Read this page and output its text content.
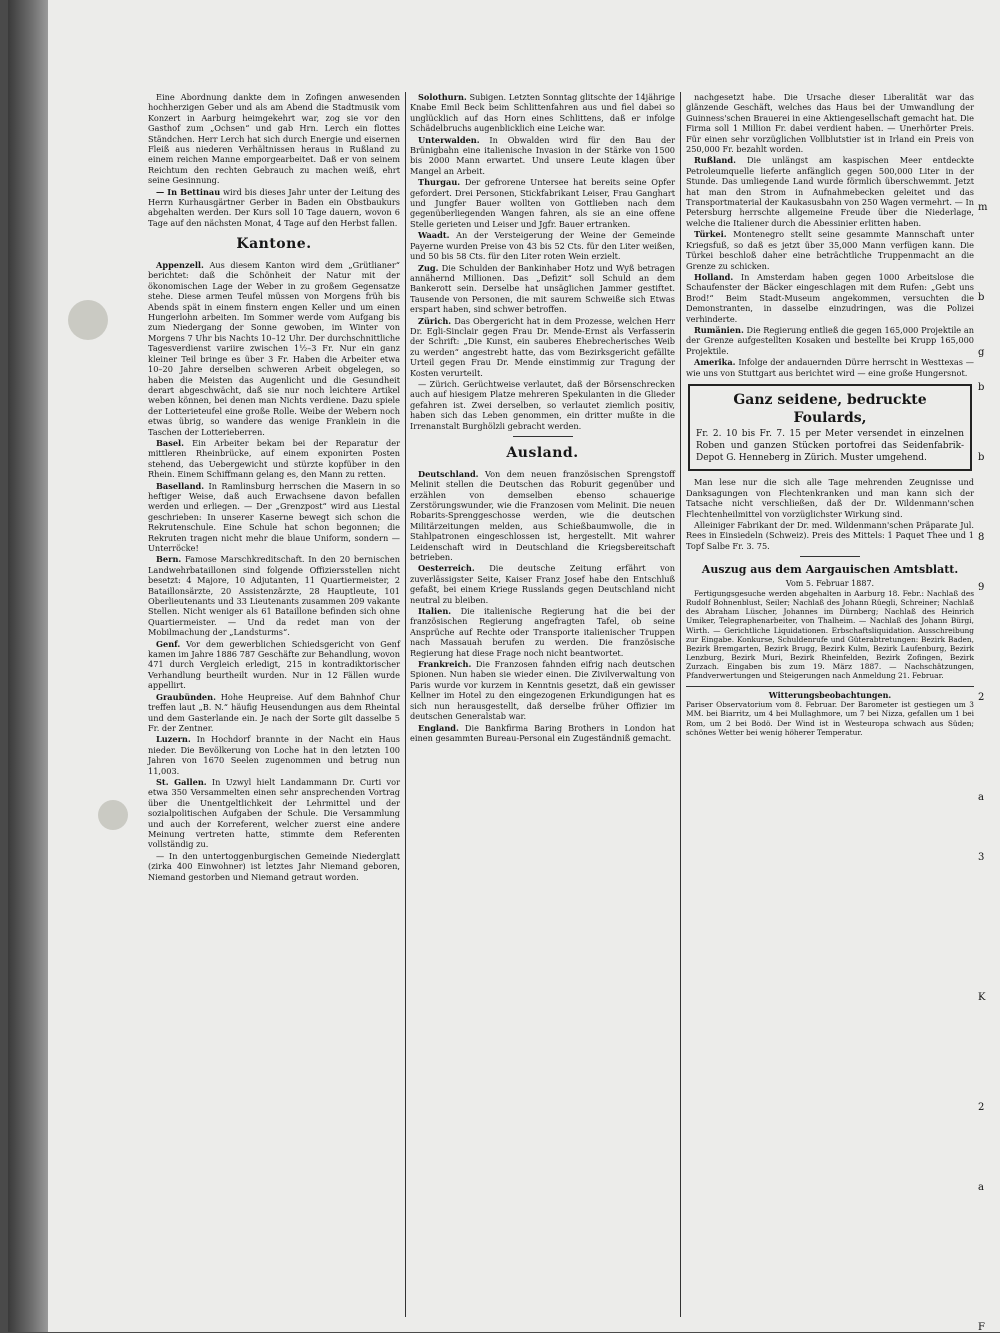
Eine Abordnung dankte dem in Zofingen anwesenden hochherzigen Geber und als am Abend die Stadtmusik vom Konzert in Aarburg heimgekehrt war, zog sie vor den Gasthof zum „Ochsen“ und gab Hrn. Lerch ein flottes Ständchen. Herr Lerch hat sich durch Energie und eisernen Fleiß aus niederen Verhältnissen heraus in Rußland zu einem reichen Manne emporgearbeitet. Daß er von seinem Reichtum den rechten Gebrauch zu machen weiß, ehrt seine Gesinnung.

— In Bettinau wird bis dieses Jahr unter der Leitung des Herrn Kurhausgärtner Gerber in Baden ein Obstbaukurs abgehalten werden. Der Kurs soll 10 Tage dauern, wovon 6 Tage auf den nächsten Monat, 4 Tage auf den Herbst fallen.

Kantone.

Appenzell. Aus diesem Kanton wird dem „Grütlianer“ berichtet: daß die Schönheit der Natur mit der ökonomischen Lage der Weber in zu großem Gegensatze stehe. Diese armen Teufel müssen von Morgens früh bis Abends spät in einem finstern engen Keller und um einen Hungerlohn arbeiten. Im Sommer werde vom Aufgang bis zum Niedergang der Sonne gewoben, im Winter von Morgens 7 Uhr bis Nachts 10–12 Uhr. Der durchschnittliche Tagesverdienst variire zwischen 1½–3 Fr. Nur ein ganz kleiner Teil bringe es über 3 Fr. Haben die Arbeiter etwa 10–20 Jahre derselben schweren Arbeit obgelegen, so haben die Meisten das Augenlicht und die Gesundheit derart abgeschwächt, daß sie nur noch leichtere Artikel weben können, bei denen man Nichts verdiene. Dazu spiele der Lotterieteufel eine große Rolle. Weibe der Webern noch etwas übrig, so wandere das wenige Franklein in die Taschen der Lotterieberren.

Basel. Ein Arbeiter bekam bei der Reparatur der mittleren Rheinbrücke, auf einem exponirten Posten stehend, das Uebergewicht und stürzte kopfüber in den Rhein. Einem Schiffmann gelang es, den Mann zu retten.

Baselland. In Ramlinsburg herrschen die Masern in so heftiger Weise, daß auch Erwachsene davon befallen werden und erliegen. — Der „Grenzpost“ wird aus Liestal geschrieben: In unserer Kaserne bewegt sich schon die Rekrutenschule. Eine Schule hat schon begonnen; die Rekruten tragen nicht mehr die blaue Uniform, sondern — Unterröcke!

Bern. Famose Marschkreditschaft. In den 20 bernischen Landwehrbataillonen sind folgende Offiziersstellen nicht besetzt: 4 Majore, 10 Adjutanten, 11 Quartiermeister, 2 Bataillonsärzte, 20 Assistenzärzte, 28 Hauptleute, 101 Oberlieutenants und 33 Lieutenants zusammen 209 vakante Stellen. Nicht weniger als 61 Bataillone befinden sich ohne Quartiermeister. — Und da redet man von der Mobilmachung der „Landsturms“.

Genf. Vor dem gewerblichen Schiedsgericht von Genf kamen im Jahre 1886 787 Geschäfte zur Behandlung, wovon 471 durch Vergleich erledigt, 215 in kontradiktorischer Verhandlung beurtheilt wurden. Nur in 12 Fällen wurde appellirt.

Graubünden. Hohe Heupreise. Auf dem Bahnhof Chur treffen laut „B. N.“ häufig Heusendungen aus dem Rheintal und dem Gasterlande ein. Je nach der Sorte gilt dasselbe 5 Fr. der Zentner.

Luzern. In Hochdorf brannte in der Nacht ein Haus nieder. Die Bevölkerung von Loche hat in den letzten 100 Jahren von 1670 Seelen zugenommen und betrug nun 11,003.

St. Gallen. In Uzwyl hielt Landammann Dr. Curti vor etwa 350 Versammelten einen sehr ansprechenden Vortrag über die Unentgeltlichkeit der Lehrmittel und der sozialpolitischen Aufgaben der Schule. Die Versammlung und auch der Korreferent, welcher zuerst eine andere Meinung vertreten hatte, stimmte dem Referenten vollständig zu.

— In den untertoggenburgischen Gemeinde Niederglatt (zirka 400 Einwohner) ist letztes Jahr Niemand geboren, Niemand gestorben und Niemand getraut worden.

Solothurn. Subigen. Letzten Sonntag glitschte der 14jährige Knabe Emil Beck beim Schlittenfahren aus und fiel dabei so unglücklich auf das Horn eines Schlittens, daß er infolge Schädelbruchs augenblicklich eine Leiche war.

Unterwalden. In Obwalden wird für den Bau der Brünigbahn eine italienische Invasion in der Stärke von 1500 bis 2000 Mann erwartet. Und unsere Leute klagen über Mangel an Arbeit.

Thurgau. Der gefrorene Untersee hat bereits seine Opfer gefordert. Drei Personen, Stickfabrikant Leiser, Frau Ganghart und Jungfer Bauer wollten von Gottlieben nach dem gegenüberliegenden Wangen fahren, als sie an eine offene Stelle gerieten und Leiser und Jgfr. Bauer ertranken.

Waadt. An der Versteigerung der Weine der Gemeinde Payerne wurden Preise von 43 bis 52 Cts. für den Liter weißen, und 50 bis 58 Cts. für den Liter roten Wein erzielt.

Zug. Die Schulden der Bankinhaber Hotz und Wyß betragen annähernd Millionen. Das „Defizit“ soll Schuld an dem Bankerott sein. Derselbe hat unsäglichen Jammer gestiftet. Tausende von Personen, die mit saurem Schweiße sich Etwas erspart haben, sind schwer betroffen.

Zürich. Das Obergericht hat in dem Prozesse, welchen Herr Dr. Egli-Sinclair gegen Frau Dr. Mende-Ernst als Verfasserin der Schrift: „Die Kunst, ein sauberes Ehebrecherisches Weib zu werden“ angestrebt hatte, das vom Bezirksgericht gefällte Urteil gegen Frau Dr. Mende einstimmig zur Tragung der Kosten verurteilt.

— Zürich. Gerüchtweise verlautet, daß der Börsenschrecken auch auf hiesigem Platze mehreren Spekulanten in die Glieder gefahren ist. Zwei derselben, so verlautet ziemlich positiv, haben sich das Leben genommen, ein dritter mußte in die Irrenanstalt Burghölzli gebracht werden.

Ausland.

Deutschland. Von dem neuen französischen Sprengstoff Melinit stellen die Deutschen das Roburit gegenüber und erzählen von demselben ebenso schauerige Zerstörungswunder, wie die Franzosen vom Melinit. Die neuen Robarits-Sprenggeschosse werden, wie die deutschen Militärzeitungen melden, aus Schießbaumwolle, die in Stahlpatronen eingeschlossen ist, hergestellt. Mit wahrer Leidenschaft wird in Deutschland die Kriegsbereitschaft betrieben.

Oesterreich. Die deutsche Zeitung erfährt von zuverlässigster Seite, Kaiser Franz Josef habe den Entschluß gefaßt, bei einem Kriege Russlands gegen Deutschland nicht neutral zu bleiben.

Italien. Die italienische Regierung hat die bei der französischen Regierung angefragten Tafel, ob seine Ansprüche auf Rechte oder Transporte italienischer Truppen nach Massauah berufen zu werden. Die französische Regierung hat diese Frage noch nicht beantwortet.

Frankreich. Die Franzosen fahnden eifrig nach deutschen Spionen. Nun haben sie wieder einen. Die Zivilverwaltung von Paris wurde vor kurzem in Kenntnis gesetzt, daß ein gewisser Kellner im Hotel zu den eingezogenen Erkundigungen hat es sich nun herausgestellt, daß derselbe früher Offizier im deutschen Generalstab war.

England. Die Bankfirma Baring Brothers in London hat einen gesammten Bureau-Personal ein Zugeständniß gemacht.

nachgesetzt habe. Die Ursache dieser Liberalität war das glänzende Geschäft, welches das Haus bei der Umwandlung der Guinness'schen Brauerei in eine Aktiengesellschaft gemacht hat. Die Firma soll 1 Million Fr. dabei verdient haben. — Unerhörter Preis. Für einen sehr vorzüglichen Vollblutstier ist in Irland ein Preis von 250,000 Fr. bezahlt worden.

Rußland. Die unlängst am kaspischen Meer entdeckte Petroleumquelle lieferte anfänglich gegen 500,000 Liter in der Stunde. Das umliegende Land wurde förmlich überschwemmt. Jetzt hat man den Strom in Aufnahmebecken geleitet und das Transportmaterial der Kaukasusbahn von 250 Wagen vermehrt. — In Petersburg herrschte allgemeine Freude über die Niederlage, welche die Italiener durch die Abessinier erlitten haben.

Türkei. Montenegro stellt seine gesammte Mannschaft unter Kriegsfuß, so daß es jetzt über 35,000 Mann verfügen kann. Die Türkei beschloß daher eine beträchtliche Truppenmacht an die Grenze zu schicken.

Holland. In Amsterdam haben gegen 1000 Arbeitslose die Schaufenster der Bäcker eingeschlagen mit dem Rufen: „Gebt uns Brod!“ Beim Stadt-Museum angekommen, versuchten die Demonstranten, in dasselbe einzudringen, was die Polizei verhinderte.

Rumänien. Die Regierung entließ die gegen 165,000 Projektile an der Grenze aufgestellten Kosaken und bestellte bei Krupp 165,000 Projektile.

Amerika. Infolge der andauernden Dürre herrscht in Westtexas — wie uns von Stuttgart aus berichtet wird — eine große Hungersnot.

Ganz seidene, bedruckte Foulards,
Fr. 2. 10 bis Fr. 7. 15 per Meter versendet in einzelnen Roben und ganzen Stücken portofrei das Seidenfabrik-Depot G. Henneberg in Zürich. Muster umgehend.

Man lese nur die sich alle Tage mehrenden Zeugnisse und Danksagungen von Flechtenkranken und man kann sich der Tatsache nicht verschließen, daß der Dr. Wildenmann'schen Flechtenheilmittel von vorzüglichster Wirkung sind.

Alleiniger Fabrikant der Dr. med. Wildenmann'schen Präparate Jul. Rees in Einsiedeln (Schweiz). Preis des Mittels: 1 Paquet Thee und 1 Topf Salbe Fr. 3. 75.

Auszug aus dem Aargauischen Amtsblatt.
Vom 5. Februar 1887.

Fertigungsgesuche werden abgehalten in Aarburg 18. Febr.: Nachlaß des Rudolf Bohnenblust, Seiler; Nachlaß des Johann Rüegli, Schreiner; Nachlaß des Abraham Lüscher, Johannes im Dürnberg; Nachlaß des Heinrich Umiker, Telegraphenarbeiter, von Thalheim. — Nachlaß des Johann Bürgi, Wirth. — Gerichtliche Liquidationen. Erbschaftsliquidation. Ausschreibung zur Eingabe. Konkurse, Schuldenrufe und Güterabtretungen: Bezirk Baden, Bezirk Bremgarten, Bezirk Brugg, Bezirk Kulm, Bezirk Laufenburg, Bezirk Lenzburg, Bezirk Muri, Bezirk Rheinfelden, Bezirk Zofingen, Bezirk Zurzach. Eingaben bis zum 19. März 1887. — Nachschätzungen, Pfandverwertungen und Steigerungen nach Anmeldung 21. Februar.

Witterungsbeobachtungen.
Pariser Observatorium vom 8. Februar. Der Barometer ist gestiegen um 3 MM. bei Biarritz, um 4 bei Mullaghmore, um 7 bei Nizza, gefallen um 1 bei Rom, um 2 bei Bodö. Der Wind ist in Westeuropa schwach aus Süden; schönes Wetter bei wenig höherer Temperatur.
m
b
g
b
b
8
9
2
a
3
K
2
a
F
